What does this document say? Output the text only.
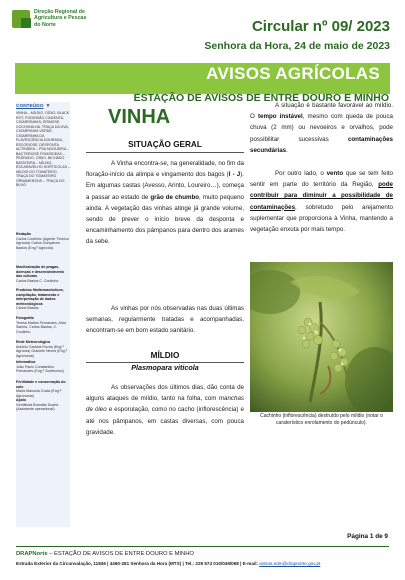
Direção Regional de
Agricultura e Pescas
do Norte	Circular nº 09/ 2023
Senhora da Hora, 24 de maio de 2023
AVISOS AGRÍCOLAS
ESTAÇÃO DE AVISOS DE ENTRE DOURO E MINHO
CONTEÚDO ▼
VINHA – MÍLDIO, OÍDIO, BLACK ROT, PODRIDÃO CINZENTA, CIGARRINHAS, ERINOSE, COCHONILHA, TRAÇA DA UVA, CIGARRINHA VERDE, CIGARRINHA DA FLAVESCÊNCIA DOURADA, ESCORIOSE, DESPONTA ACTINÍDEA – PSA NOGUEIRA – BACTERIOSE POMÓIDEAS – PEDRADO, OÍDIO, BICHADO BATATEIRA – MÍLDIO, ESCARAVELHO HORTÍCOLAS – MÍLDIO DO TOMATEIRO, TRAÇA DO TOMATEIRO ORNAMENTAIS – TRAÇA DO BUXO
Redação
Carlos Coutinho (Agente Técnico Agrícola) Carlos Gonçalves Bastos (Eng.º Agrícola)
Monitorização de pragas, doenças e desenvolvimento das culturas
Carlos Bastos C. Coutinho
Produtos fitofarmacêuticos, compilação, tratamento e interpretação de dados meteorológicos
Carlos Bastos
Fotografia
Teresa Mattos Fernandes, Artur Santos, Carlos Bastos, C. Coutinho
Rede Meteorológica
António Saraiva Rocha (Eng.º Agrícola) Graciete Neves (Eng.º Agrónoma)
Informática
João Paulo Constantino Fernandes (Eng.º Zootécnico)
Fertilidade e conservação do solo
Maria Manuela Costa (Eng.ª Agrónoma)
Apoio
Gentilinda Brandão Duarte (Assistente operacional)
VINHA
SITUAÇÃO GERAL
A Vinha encontra-se, na generalidade, no fim da floração-início da alimpa e vingamento dos bagos (I - J). Em algumas castas (Avesso, Arinto, Loureiro…), começa a passar ao estado de grão de chumbo, muito pequeno ainda. A vegetação das vinhas atinge já grande volume, sendo de prever o início breve da desponta e encaminhamento dos pâmpanos para dentro dos arames da sebe.
As vinhas por nós observadas nas duas últimas semanas, regularmente tratadas e acompanhadas, encontram-se em bom estado sanitário.
MÍLDIO
Plasmopara viticola
As observações dos últimos dias, dão conta de alguns ataques de míldio, tanto na folha, com manchas de óleo e esporulação, como no cacho (inflorescência) e até nos pâmpanos, em castas diversas, com pouca gravidade.
A situação é bastante favorável ao míldio. O tempo instável, mesmo com queda de pouca chuva (2 mm) ou nevoeiros e orvalhos, pode possibilitar sucessivas contaminações secundárias.
Por outro lado, o vento que se tem feito sentir em parte do território da Região, pode contribuir para diminuir a possibilidade de contaminações, sobretudo pelo arejamento suplementar que proporciona à Vinha, mantendo a vegetação enxuta por mais tempo.
Cachinho (inflorescência) destruído pelo míldio (notar o caraterístico enrolamento do pedúnculo).
Página 1 de 9
DRAPNorte – ESTAÇÃO DE AVISOS DE ENTRE DOURO E MINHO
Estrada Exterior da Circunvalação, 11846 | 4460-281 Senhora da Hora (MTS) | Tel.: 229 574 010/049/068 | E-mail: avisos.edm@drapnorte.gov.pt
